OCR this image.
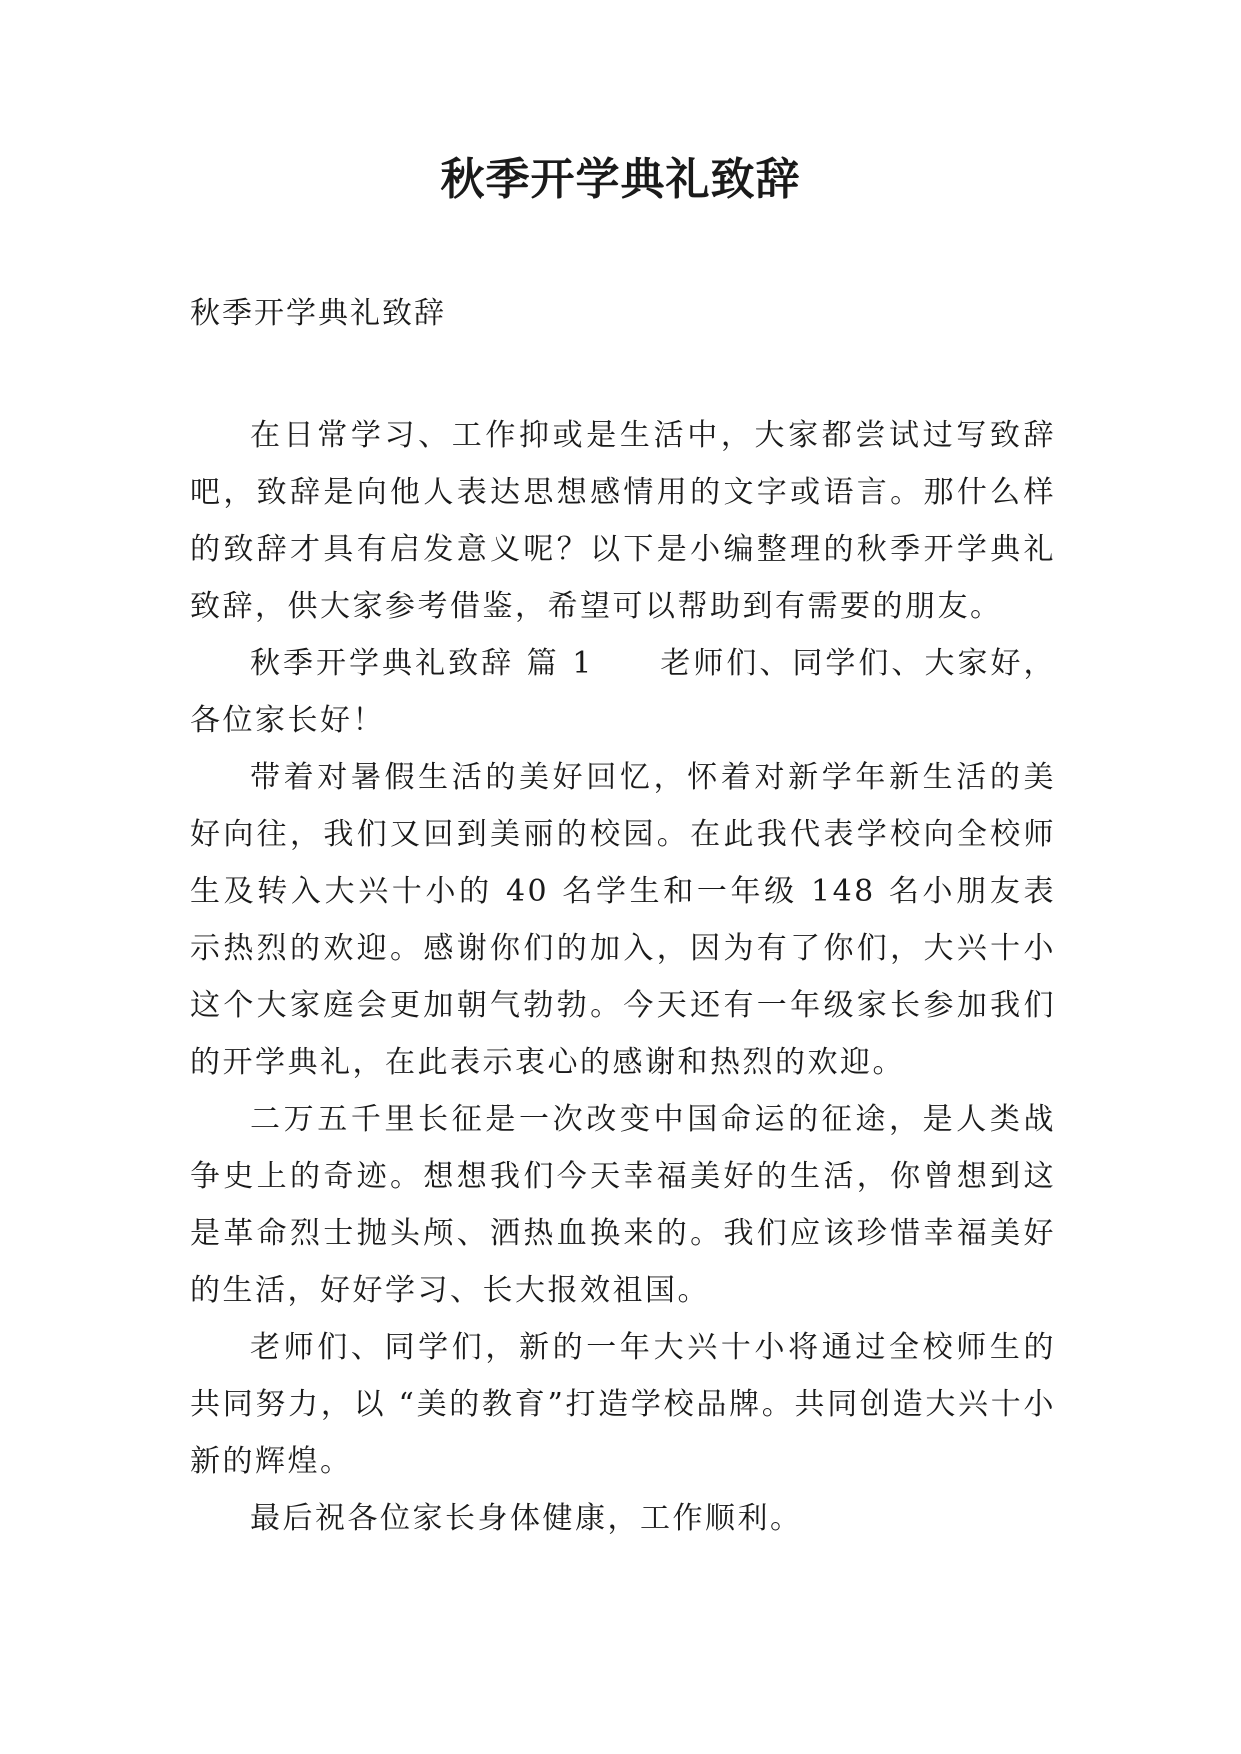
秋季开学典礼致辞
秋季开学典礼致辞

在日常学习、工作抑或是生活中，大家都尝试过写致辞吧，致辞是向他人表达思想感情用的文字或语言。那什么样的致辞才具有启发意义呢？以下是小编整理的秋季开学典礼致辞，供大家参考借鉴，希望可以帮助到有需要的朋友。

秋季开学典礼致辞 篇 1　　老师们、同学们、大家好，各位家长好！

带着对暑假生活的美好回忆，怀着对新学年新生活的美好向往，我们又回到美丽的校园。在此我代表学校向全校师生及转入大兴十小的 40 名学生和一年级 148 名小朋友表示热烈的欢迎。感谢你们的加入，因为有了你们，大兴十小这个大家庭会更加朝气勃勃。今天还有一年级家长参加我们的开学典礼，在此表示衷心的感谢和热烈的欢迎。

二万五千里长征是一次改变中国命运的征途，是人类战争史上的奇迹。想想我们今天幸福美好的生活，你曾想到这是革命烈士抛头颅、洒热血换来的。我们应该珍惜幸福美好的生活，好好学习、长大报效祖国。

老师们、同学们，新的一年大兴十小将通过全校师生的共同努力，以 “美的教育”打造学校品牌。共同创造大兴十小新的辉煌。

最后祝各位家长身体健康，工作顺利。
